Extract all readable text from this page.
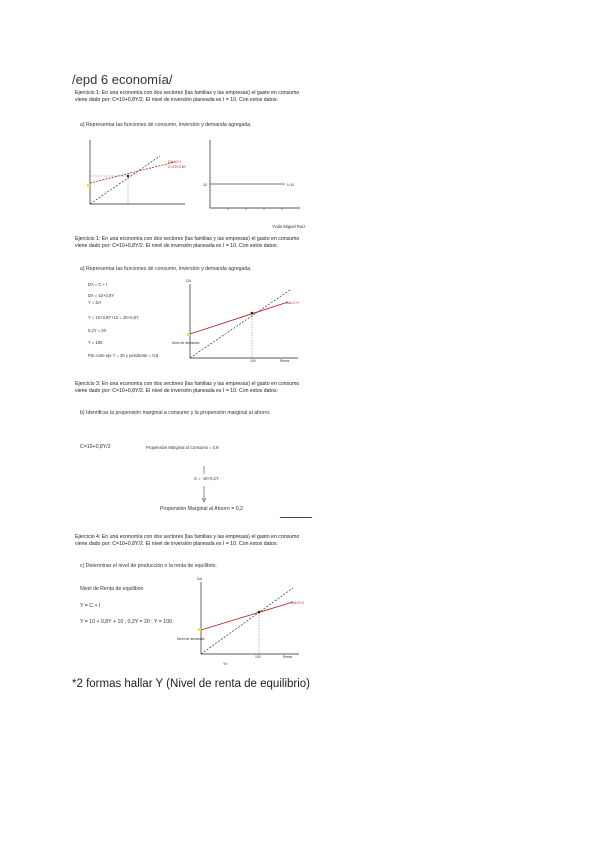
/epd 6 economía/
Ejercicio 1: En una economía con dos sectores (las familias y las empresas) el gasto en consumo viene dado por: C=10+0,8Y/2. El nivel de inversión planeada es I = 10. Con estos datos:
a) Representar las funciones de consumo, inversión y demanda agregada.
DA=C+I
C=10+0,8Y
10	I=10
Yvalo Miguel Ruiz
Ejercicio 1: En una economía con dos sectores (las familias y las empresas) el gasto en consumo viene dado por: C=10+0,8Y/2. El nivel de inversión planeada es I = 10. Con estos datos:
a) Representar las funciones de consumo, inversión y demanda agregada.
DA = C + I
DA = 10+0,8Y
Y = DA
Y = 10+0,8Y+10 = 20+0,8Y
0,2Y = 20
Y = 100
Pto corte eje Y = 20 y pendiente = 0,8
DA
Nivel de demanda
DA=C+I
100	Renta
Ejercicio 3: En una economía con dos sectores (las familias y las empresas) el gasto en consumo viene dado por: C=10+0,8Y/2. El nivel de inversión planeada es I = 10. Con estos datos:
b) Identificar la propensión marginal a consumir y la propensión marginal al ahorro.
C=10+0,8Y/2	Propensión Marginal al Consumo = 0,8
S = -10+0,2Y
Propensión Marginal al Ahorro = 0,2
Ejercicio 4: En una economía con dos sectores (las familias y las empresas) el gasto en consumo viene dado por: C=10+0,8Y/2. El nivel de inversión planeada es I = 10. Con estos datos:
c) Determinar el nivel de producción o la renta de equilibrio.
Nivel de Renta de equilibrio
Y = C + I
Y = 10 + 0,8Y + 10 ; 0,2Y = 20 ; Y = 100
DA
Nivel de demanda
DA=C+I
100	Renta
Y0
*2 formas hallar Y (Nivel de renta de equilibrio)
